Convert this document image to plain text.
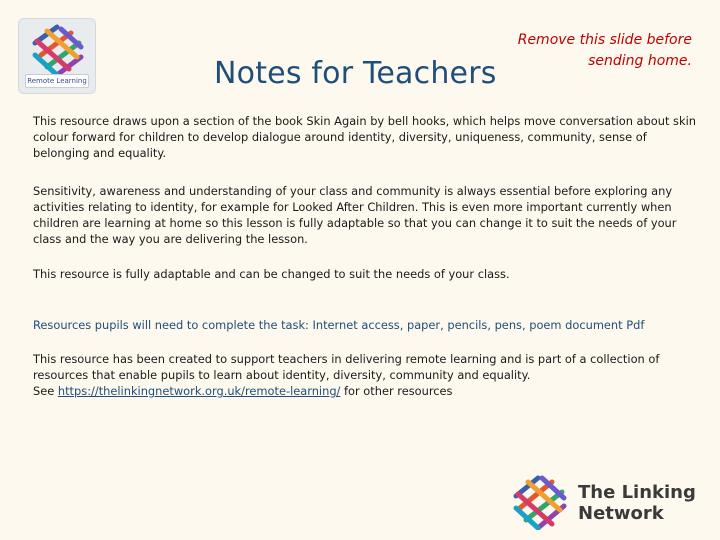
Remote Learning	Notes for Teachers
Remove this slide before
sending home.
This resource draws upon a section of the book Skin Again by bell hooks, which helps move conversation about skin colour forward for children to develop dialogue around identity, diversity, uniqueness, community, sense of belonging and equality.
Sensitivity, awareness and understanding of your class and community is always essential before exploring any activities relating to identity, for example for Looked After Children. This is even more important currently when children are learning at home so this lesson is fully adaptable so that you can change it to suit the needs of your class and the way you are delivering the lesson.
This resource is fully adaptable and can be changed to suit the needs of your class.
Resources pupils will need to complete the task: Internet access, paper, pencils, pens, poem document Pdf
This resource has been created to support teachers in delivering remote learning and is part of a collection of resources that enable pupils to learn about identity, diversity, community and equality.
See https://thelinkingnetwork.org.uk/remote-learning/ for other resources
The Linking
Network
